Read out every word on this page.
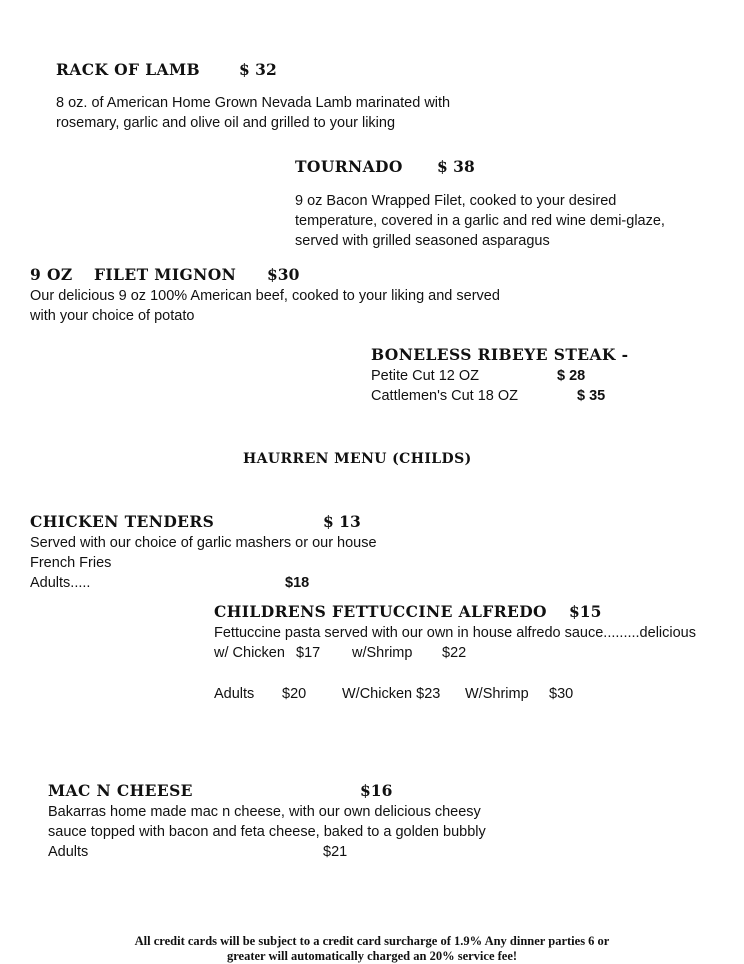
RACK OF LAMB	$ 32
8 oz. of American Home Grown Nevada Lamb marinated with
rosemary, garlic and olive oil and grilled to your liking
TOURNADO $ 38
9 oz Bacon Wrapped Filet, cooked to your desired
temperature, covered in a garlic and red wine demi-glaze,
served with grilled seasoned asparagus
9 OZ FILET MIGNON $30
Our delicious 9 oz 100% American beef, cooked to your liking and served
with your choice of potato
BONELESS RIBEYE STEAK -
Petite Cut 12 OZ	$ 28
Cattlemen's Cut 18 OZ	$ 35
HAURREN MENU (CHILDS)
CHICKEN TENDERS	$ 13
Served with our choice of garlic mashers or our house
French Fries
Adults.....	$18
CHILDRENS FETTUCCINE ALFREDO $15
Fettuccine pasta served with our own in house alfredo sauce.........delicious
w/ Chicken $17 w/Shrimp $22
Adults $20 W/Chicken $23 W/Shrimp $30
MAC N CHEESE	$16
Bakarras home made mac n cheese, with our own delicious cheesy
sauce topped with bacon and feta cheese, baked to a golden bubbly
Adults	$21
All credit cards will be subject to a credit card surcharge of 1.9% Any dinner parties 6 or
greater will automatically charged an 20% service fee!
